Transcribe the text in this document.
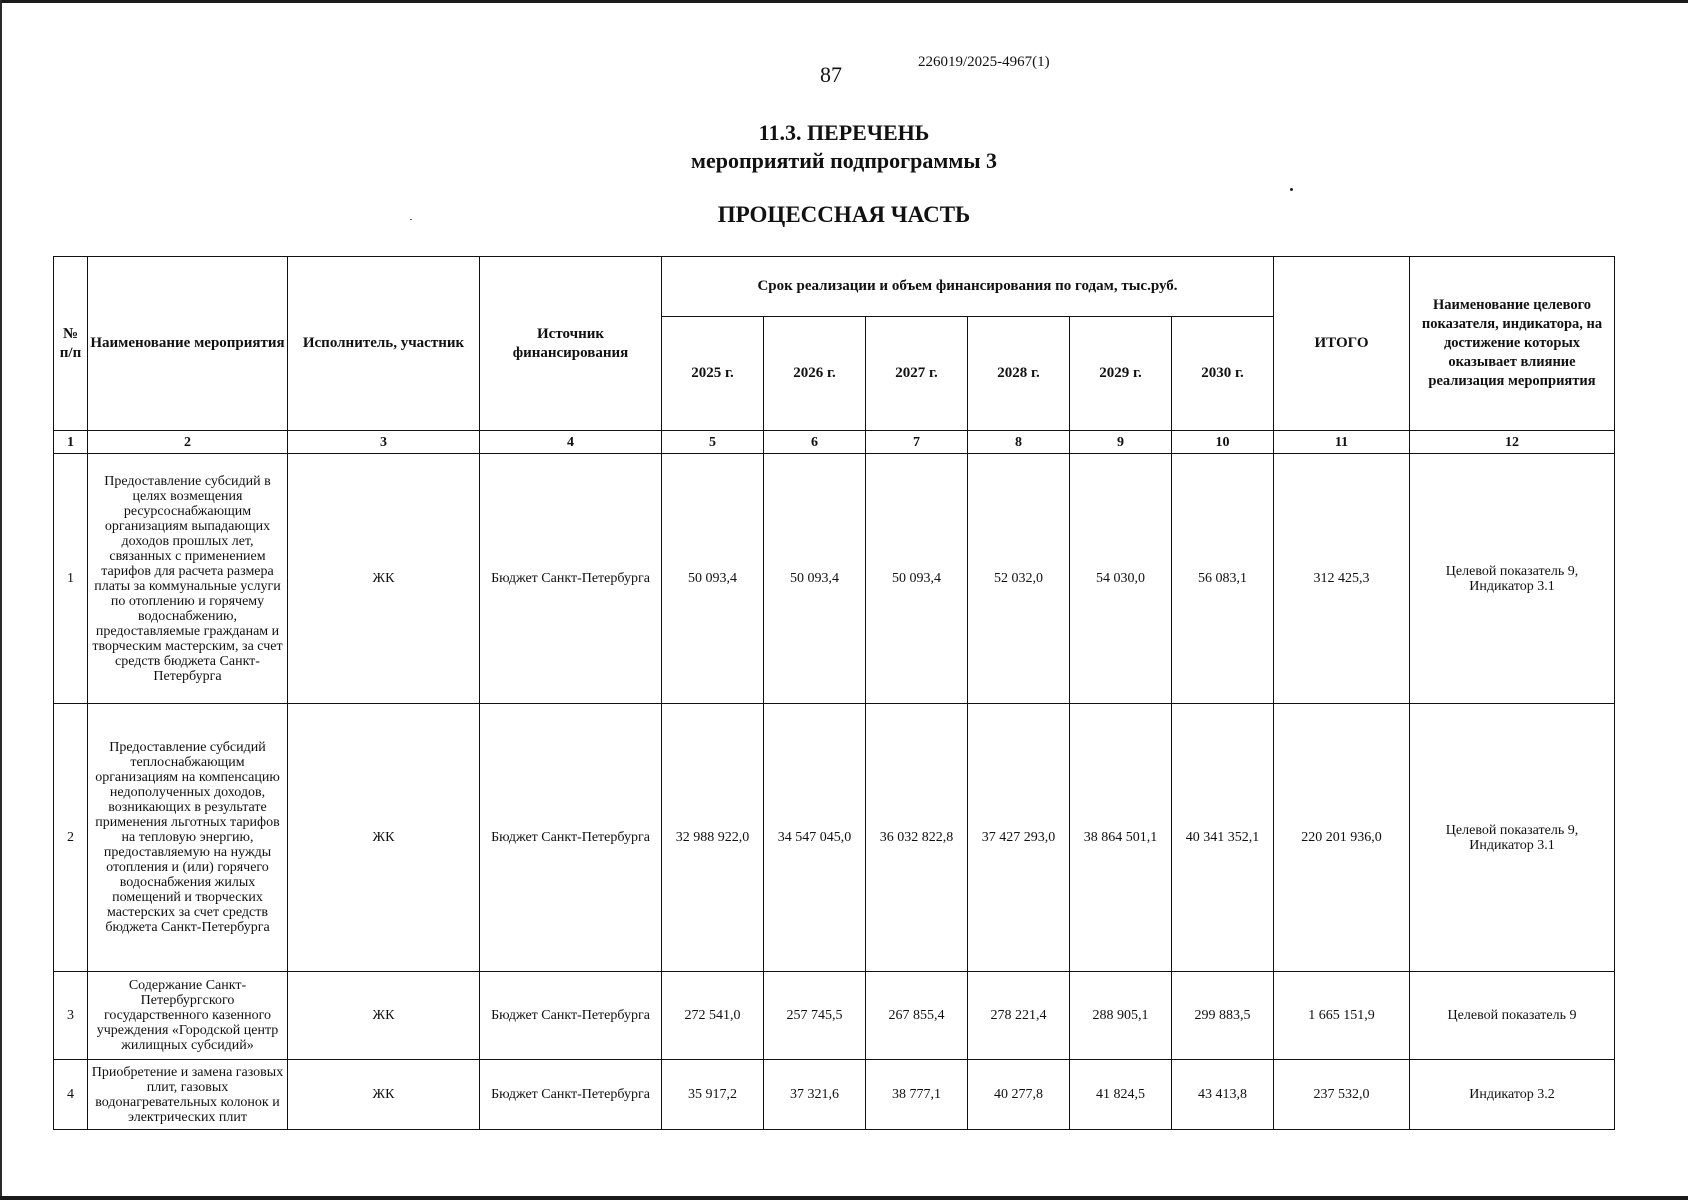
87	226019/2025-4967(1)
11.3. ПЕРЕЧЕНЬ
мероприятий подпрограммы 3
ПРОЦЕССНАЯ ЧАСТЬ
№ п/п	Наименование мероприятия	Исполнитель, участник	Источник финансирования	Срок реализации и объем финансирования по годам, тыс.руб.						ИТОГО	Наименование целевого показателя, индикатора, на достижение которых оказывает влияние реализация мероприятия
				2025 г.	2026 г.	2027 г.	2028 г.	2029 г.	2030 г.		
1	2	3	4	5	6	7	8	9	10	11	12
1	Предоставление субсидий в целях возмещения ресурсоснабжающим организациям выпадающих доходов прошлых лет, связанных с применением тарифов для расчета размера платы за коммунальные услуги по отоплению и горячему водоснабжению, предоставляемые гражданам и творческим мастерским, за счет средств бюджета Санкт-Петербурга	ЖК	Бюджет Санкт-Петербурга	50 093,4	50 093,4	50 093,4	52 032,0	54 030,0	56 083,1	312 425,3	Целевой показатель 9, Индикатор 3.1
2	Предоставление субсидий теплоснабжающим организациям на компенсацию недополученных доходов, возникающих в результате применения льготных тарифов на тепловую энергию, предоставляемую на нужды отопления и (или) горячего водоснабжения жилых помещений и творческих мастерских за счет средств бюджета Санкт-Петербурга	ЖК	Бюджет Санкт-Петербурга	32 988 922,0	34 547 045,0	36 032 822,8	37 427 293,0	38 864 501,1	40 341 352,1	220 201 936,0	Целевой показатель 9, Индикатор 3.1
3	Содержание Санкт-Петербургского государственного казенного учреждения «Городской центр жилищных субсидий»	ЖК	Бюджет Санкт-Петербурга	272 541,0	257 745,5	267 855,4	278 221,4	288 905,1	299 883,5	1 665 151,9	Целевой показатель 9
4	Приобретение и замена газовых плит, газовых водонагревательных колонок и электрических плит	ЖК	Бюджет Санкт-Петербурга	35 917,2	37 321,6	38 777,1	40 277,8	41 824,5	43 413,8	237 532,0	Индикатор 3.2
